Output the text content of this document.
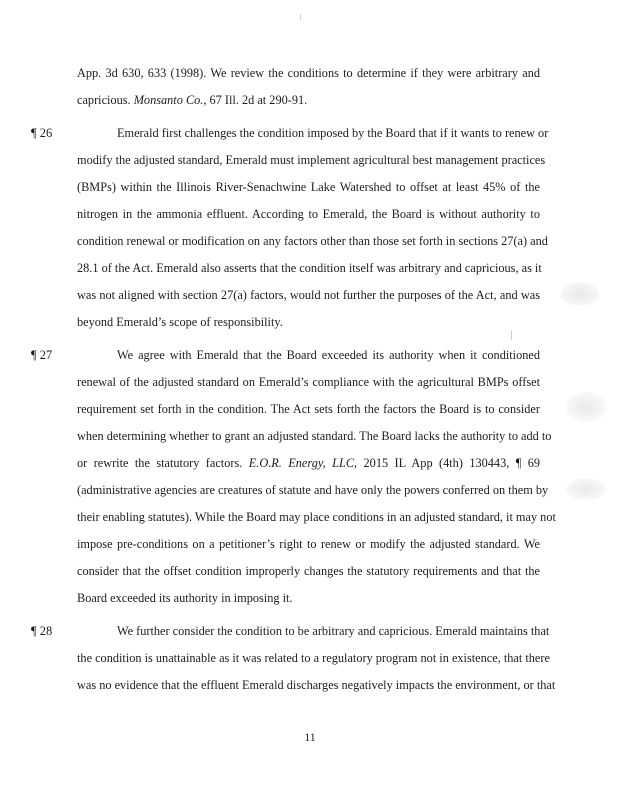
App. 3d 630, 633 (1998). We review the conditions to determine if they were arbitrary and
capricious. Monsanto Co., 67 Ill. 2d at 290-91.
¶ 26	Emerald first challenges the condition imposed by the Board that if it wants to renew or
modify the adjusted standard, Emerald must implement agricultural best management practices
(BMPs) within the Illinois River-Senachwine Lake Watershed to offset at least 45% of the
nitrogen in the ammonia effluent. According to Emerald, the Board is without authority to
condition renewal or modification on any factors other than those set forth in sections 27(a) and
28.1 of the Act. Emerald also asserts that the condition itself was arbitrary and capricious, as it
was not aligned with section 27(a) factors, would not further the purposes of the Act, and was
beyond Emerald’s scope of responsibility.
¶ 27	We agree with Emerald that the Board exceeded its authority when it conditioned
renewal of the adjusted standard on Emerald’s compliance with the agricultural BMPs offset
requirement set forth in the condition. The Act sets forth the factors the Board is to consider
when determining whether to grant an adjusted standard. The Board lacks the authority to add to
or rewrite the statutory factors. E.O.R. Energy, LLC, 2015 IL App (4th) 130443, ¶ 69
(administrative agencies are creatures of statute and have only the powers conferred on them by
their enabling statutes). While the Board may place conditions in an adjusted standard, it may not
impose pre-conditions on a petitioner’s right to renew or modify the adjusted standard. We
consider that the offset condition improperly changes the statutory requirements and that the
Board exceeded its authority in imposing it.
¶ 28	We further consider the condition to be arbitrary and capricious. Emerald maintains that
the condition is unattainable as it was related to a regulatory program not in existence, that there
was no evidence that the effluent Emerald discharges negatively impacts the environment, or that
11
